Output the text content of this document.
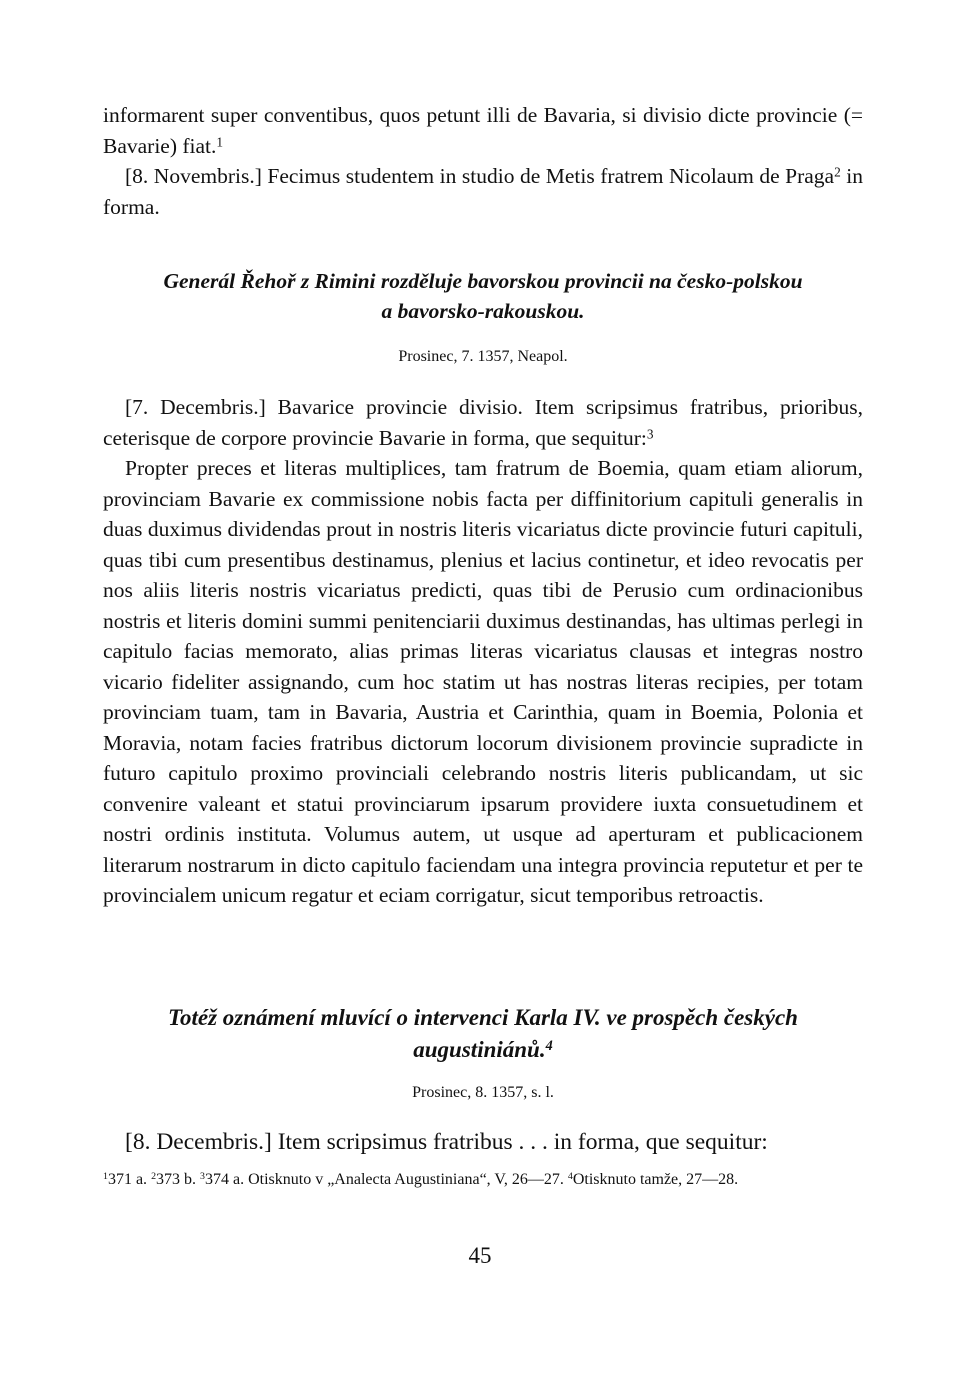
informarent super conventibus, quos petunt illi de Bavaria, si divisio dicte provincie (= Bavarie) fiat.$^1$

[8. Novembris.] Fecimus studentem in studio de Metis fratrem Nicolaum de Praga$^2$ in forma.

Generál Řehoř z Rimini rozděluje bavorskou provincii na česko-polskou
a bavorsko-rakouskou.
Prosinec, 7. 1357, Neapol.

[7. Decembris.] Bavarice provincie divisio. Item scripsimus fratribus, prioribus, ceterisque de corpore provincie Bavarie in forma, que sequitur:$^3$

Propter preces et literas multiplices, tam fratrum de Boemia, quam etiam aliorum, provinciam Bavarie ex commissione nobis facta per diffinitorium capituli generalis in duas duximus dividendas prout in nostris literis vicariatus dicte provincie futuri capituli, quas tibi cum presentibus destinamus, plenius et lacius continetur, et ideo revocatis per nos aliis literis nostris vicariatus predicti, quas tibi de Perusio cum ordinacionibus nostris et literis domini summi penitenciarii duximus destinandas, has ultimas perlegi in capitulo facias memorato, alias primas literas vicariatus clausas et integras nostro vicario fideliter assignando, cum hoc statim ut has nostras literas recipies, per totam provinciam tuam, tam in Bavaria, Austria et Carinthia, quam in Boemia, Polonia et Moravia, notam facies fratribus dictorum locorum divisionem provincie supradicte in futuro capitulo proximo provinciali celebrando nostris literis publicandam, ut sic convenire valeant et statui provinciarum ipsarum providere iuxta consuetudinem et nostri ordinis instituta. Volumus autem, ut usque ad aperturam et publicacionem literarum nostrarum in dicto capitulo faciendam una integra provincia reputetur et per te provincialem unicum regatur et eciam corrigatur, sicut temporibus retroactis.

Totéž oznámení mluvící o intervenci Karla IV. ve prospěch českých
augustiniánů.$^4$
Prosinec, 8. 1357, s. l.

[8. Decembris.] Item scripsimus fratribus . . . in forma, que sequitur:

$^1$371 a. $^2$373 b. $^3$374 a. Otisknuto v „Analecta Augustiniana“, V, 26—27. $^4$Otisknuto tamže, 27—28.
45
